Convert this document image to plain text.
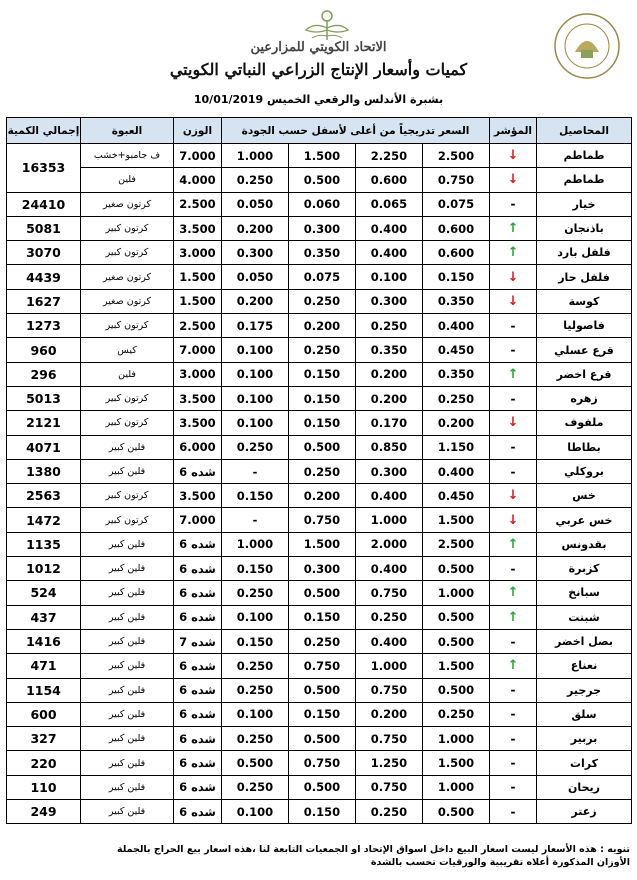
الاتحاد الكويتي للمزارعين
كميات وأسعار الإنتاج الزراعي النباتي الكويتي
بشبرة الأندلس والرقعي الخميس 10/01/2019
إجمالي الكمية	العبوة	الوزن	السعر تدريجياً من أعلى لأسفل حسب الجودة				المؤشر	المحاصيل
16353	ف جامبو+خشب	7.000	1.000	1.500	2.250	2.500	↓	طماطم
	فلين	4.000	0.250	0.500	0.600	0.750	↓	طماطم
24410	كرتون صغير	2.500	0.050	0.060	0.065	0.075	-	خيار
5081	كرتون كبير	3.500	0.200	0.300	0.400	0.600	↑	باذنجان
3070	كرتون كبير	3.000	0.300	0.350	0.400	0.600	↑	فلفل بارد
4439	كرتون صغير	1.500	0.050	0.075	0.100	0.150	↓	فلفل حار
1627	كرتون صغير	1.500	0.200	0.250	0.300	0.350	↓	كوسة
1273	كرتون كبير	2.500	0.175	0.200	0.250	0.400	-	فاصوليا
960	كيس	7.000	0.100	0.250	0.350	0.450	-	قرع عسلي
296	فلين	3.000	0.100	0.150	0.200	0.350	↑	قرع اخضر
5013	كرتون كبير	3.500	0.100	0.150	0.200	0.250	-	زهره
2121	كرتون كبير	3.500	0.100	0.150	0.170	0.200	↓	ملفوف
4071	فلين كبير	6.000	0.250	0.500	0.850	1.150	-	بطاطا
1380	فلين كبير	6 شده	-	0.250	0.300	0.400	-	بروكلي
2563	كرتون كبير	3.500	0.150	0.200	0.400	0.450	↓	خس
1472	كرتون كبير	7.000	-	0.750	1.000	1.500	↓	خس عربي
1135	فلين كبير	6 شده	1.000	1.500	2.000	2.500	↑	بقدونس
1012	فلين كبير	6 شده	0.150	0.300	0.400	0.500	-	كزبرة
524	فلين كبير	6 شده	0.250	0.500	0.750	1.000	↑	سبانخ
437	فلين كبير	6 شده	0.100	0.150	0.250	0.500	↑	شبنت
1416	فلين كبير	7 شده	0.150	0.250	0.400	0.500	-	بصل اخضر
471	فلين كبير	6 شده	0.250	0.750	1.000	1.500	↑	نعناع
1154	فلين كبير	6 شده	0.250	0.500	0.750	0.500	-	جرجير
600	فلين كبير	6 شده	0.100	0.150	0.200	0.250	-	سلق
327	فلين كبير	6 شده	0.250	0.500	0.750	1.000	-	بربير
220	فلين كبير	6 شده	0.500	0.750	1.250	1.500	-	كرات
110	فلين كبير	6 شده	0.250	0.500	0.750	1.000	-	ريحان
249	فلين كبير	6 شده	0.100	0.150	0.250	0.500	-	زعتر
تنويه : هذه الأسعار ليست اسعار البيع داخل اسواق الإتحاد او الجمعيات التابعة لنا ،هذه اسعار بيع الحراج بالجملة
الأوزان المذكورة أعلاه تقريبية والورقيات تحسب بالشدة
